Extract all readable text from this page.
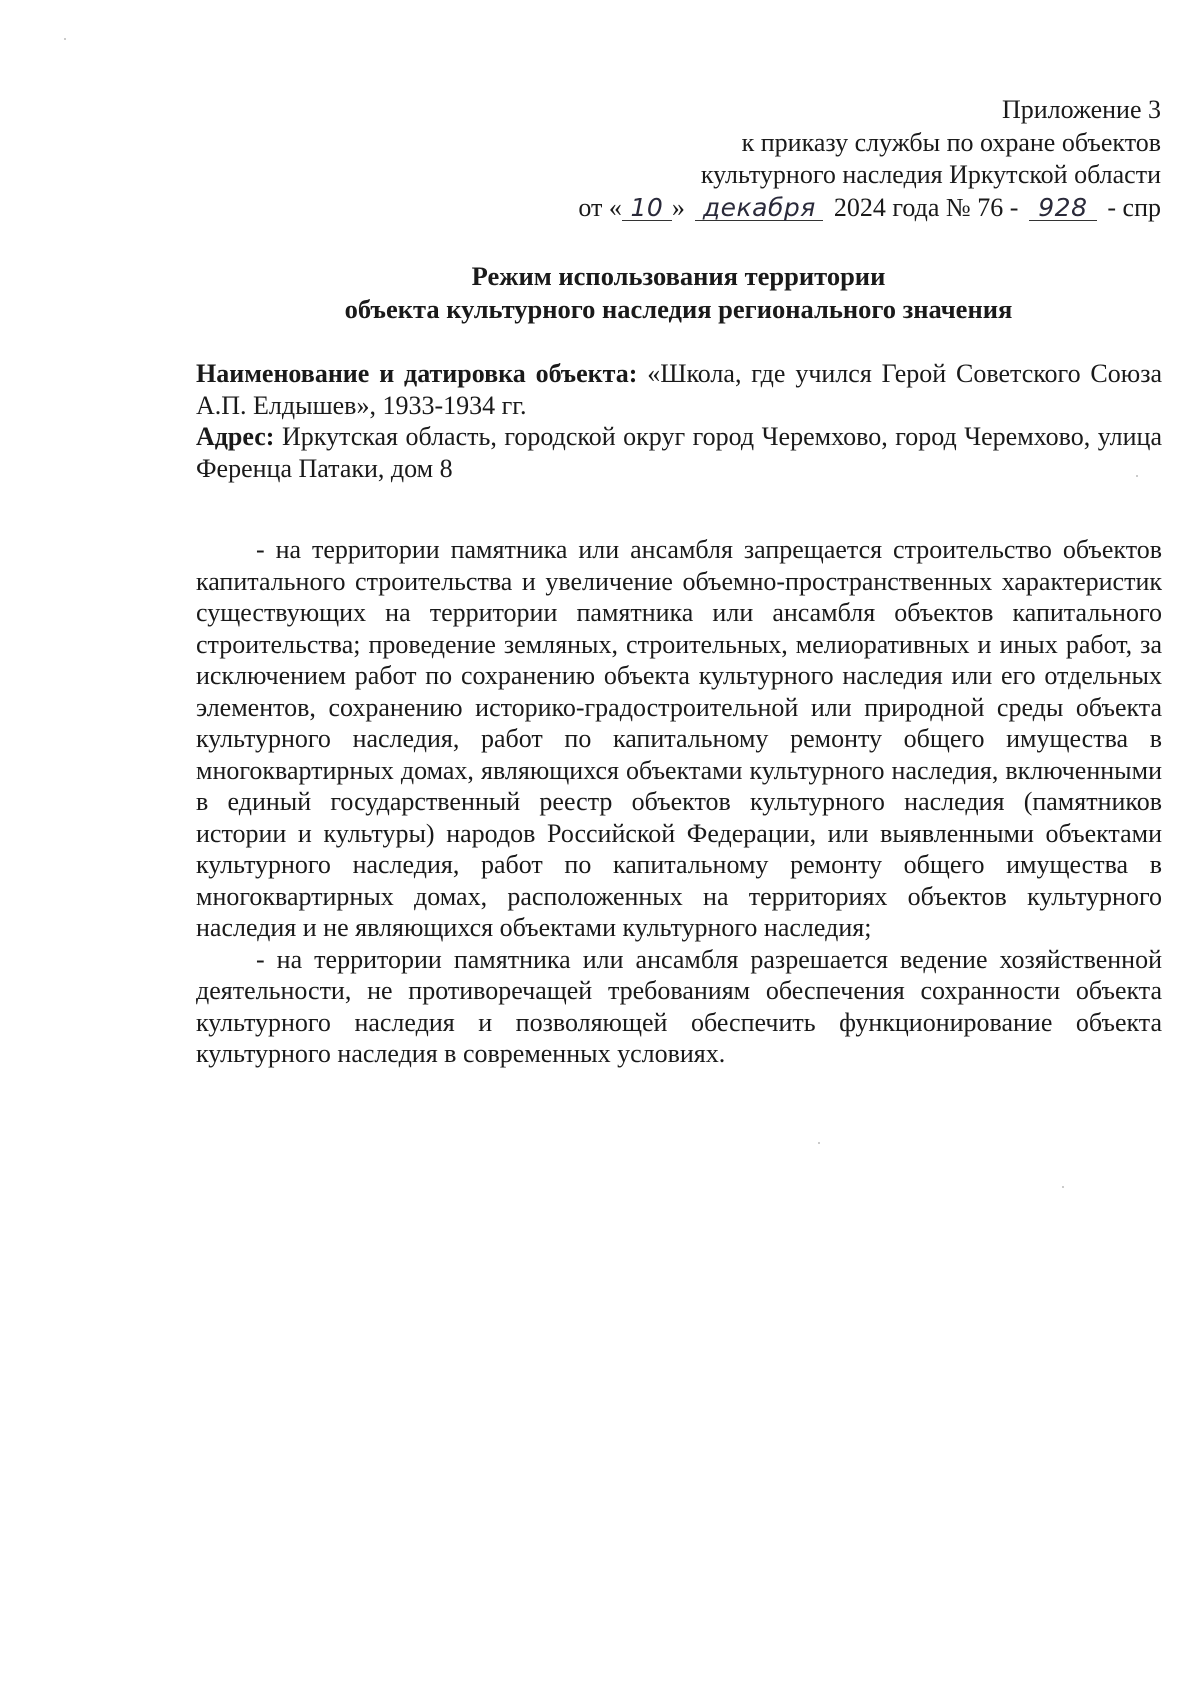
Приложение 3
к приказу службы по охране объектов
культурного наследия Иркутской области
от « 10 » декабря 2024 года № 76 - 928 - спр
Режим использования территории
объекта культурного наследия регионального значения

Наименование и датировка объекта: «Школа, где учился Герой Советского Союза А.П. Елдышев», 1933-1934 гг.

Адрес: Иркутская область, городской округ город Черемхово, город Черемхово, улица Ференца Патаки, дом 8

- на территории памятника или ансамбля запрещается строительство объектов капитального строительства и увеличение объемно-пространственных характеристик существующих на территории памятника или ансамбля объектов капитального строительства; проведение земляных, строительных, мелиоративных и иных работ, за исключением работ по сохранению объекта культурного наследия или его отдельных элементов, сохранению историко-градостроительной или природной среды объекта культурного наследия, работ по капитальному ремонту общего имущества в многоквартирных домах, являющихся объектами культурного наследия, включенными в единый государственный реестр объектов культурного наследия (памятников истории и культуры) народов Российской Федерации, или выявленными объектами культурного наследия, работ по капитальному ремонту общего имущества в многоквартирных домах, расположенных на территориях объектов культурного наследия и не являющихся объектами культурного наследия;

- на территории памятника или ансамбля разрешается ведение хозяйственной деятельности, не противоречащей требованиям обеспечения сохранности объекта культурного наследия и позволяющей обеспечить функционирование объекта культурного наследия в современных условиях.
